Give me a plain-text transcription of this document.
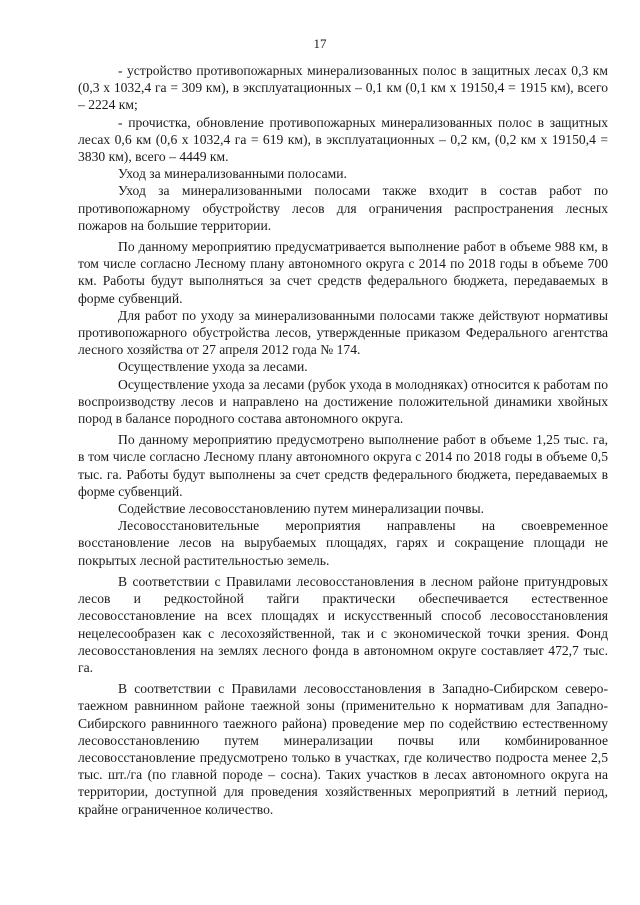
17

- устройство противопожарных минерализованных полос в защитных лесах 0,3 км (0,3 х 1032,4 га = 309 км), в эксплуатационных – 0,1 км (0,1 км х 19150,4 = 1915 км), всего – 2224 км;

- прочистка, обновление противопожарных минерализованных полос в защитных лесах 0,6 км (0,6 х 1032,4 га = 619 км), в эксплуатационных – 0,2 км, (0,2 км х 19150,4 = 3830 км), всего – 4449 км.

Уход за минерализованными полосами.

Уход за минерализованными полосами также входит в состав работ по противопожарному обустройству лесов для ограничения распространения лесных пожаров на большие территории.

По данному мероприятию предусматривается выполнение работ в объеме 988 км, в том числе согласно Лесному плану автономного округа с 2014 по 2018 годы в объеме 700 км. Работы будут выполняться за счет средств федерального бюджета, передаваемых в форме субвенций.

Для работ по уходу за минерализованными полосами также действуют нормативы противопожарного обустройства лесов, утвержденные приказом Федерального агентства лесного хозяйства от 27 апреля 2012 года № 174.

Осуществление ухода за лесами.

Осуществление ухода за лесами (рубок ухода в молодняках) относится к работам по воспроизводству лесов и направлено на достижение положительной динамики хвойных пород в балансе породного состава автономного округа.

По данному мероприятию предусмотрено выполнение работ в объеме 1,25 тыс. га, в том числе согласно Лесному плану автономного округа с 2014 по 2018 годы в объеме 0,5 тыс. га. Работы будут выполнены за счет средств федерального бюджета, передаваемых в форме субвенций.

Содействие лесовосстановлению путем минерализации почвы.

Лесовосстановительные мероприятия направлены на своевременное восстановление лесов на вырубаемых площадях, гарях и сокращение площади не покрытых лесной растительностью земель.

В соответствии с Правилами лесовосстановления в лесном районе притундровых лесов и редкостойной тайги практически обеспечивается естественное лесовосстановление на всех площадях и искусственный способ лесовосстановления нецелесообразен как с лесохозяйственной, так и с экономической точки зрения. Фонд лесовосстановления на землях лесного фонда в автономном округе составляет 472,7 тыс. га.

В соответствии с Правилами лесовосстановления в Западно-Сибирском северо-таежном равнинном районе таежной зоны (применительно к нормативам для Западно-Сибирского равнинного таежного района) проведение мер по содействию естественному лесовосстановлению путем минерализации почвы или комбинированное лесовосстановление предусмотрено только в участках, где количество подроста менее 2,5 тыс. шт./га (по главной породе – сосна). Таких участков в лесах автономного округа на территории, доступной для проведения хозяйственных мероприятий в летний период, крайне ограниченное количество.
